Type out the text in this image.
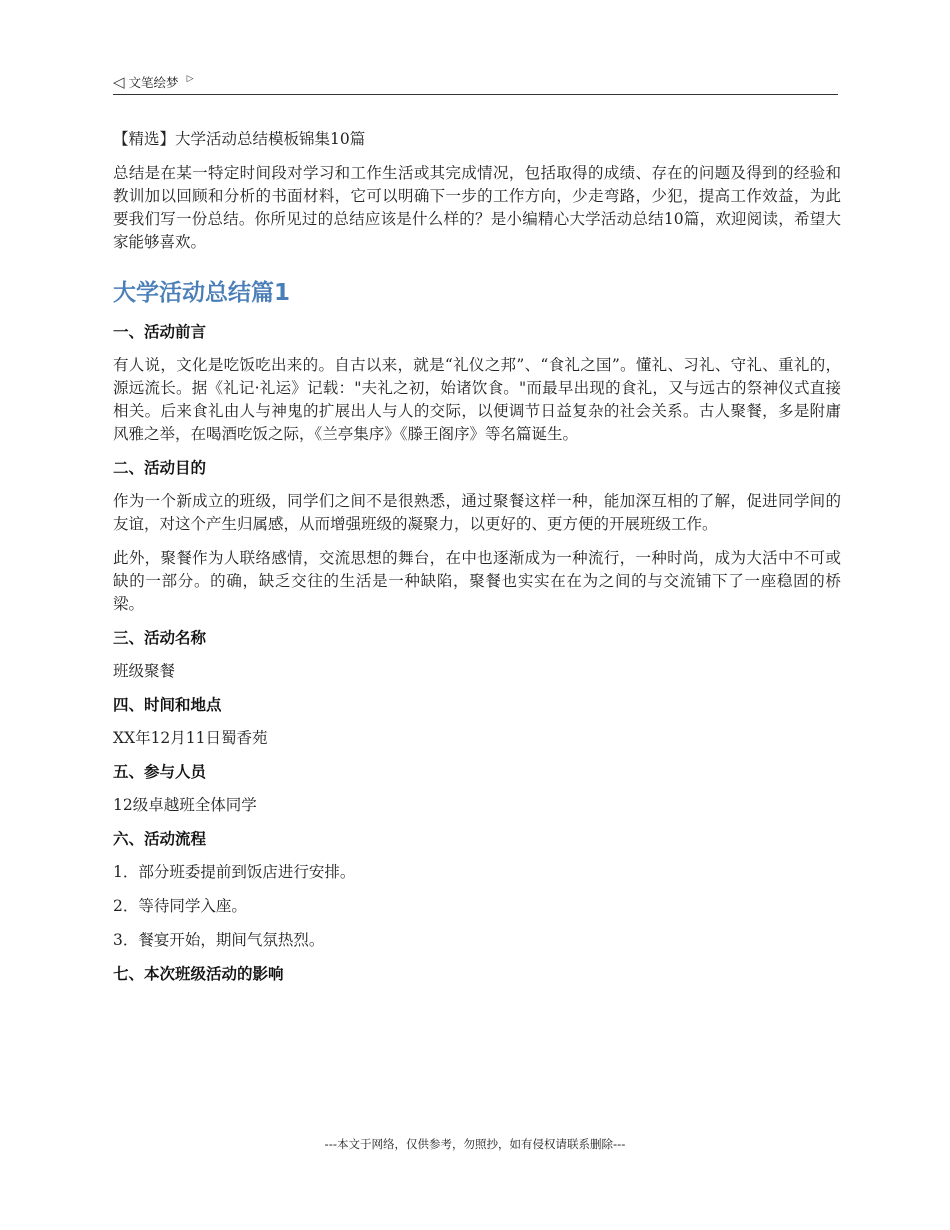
◁ 文笔绘梦 ▷

【精选】大学活动总结模板锦集10篇

总结是在某一特定时间段对学习和工作生活或其完成情况，包括取得的成绩、存在的问题及得到的经验和教训加以回顾和分析的书面材料，它可以明确下一步的工作方向，少走弯路，少犯，提高工作效益，为此要我们写一份总结。你所见过的总结应该是什么样的？是小编精心大学活动总结10篇，欢迎阅读，希望大家能够喜欢。

大学活动总结篇1
一、活动前言

有人说，文化是吃饭吃出来的。自古以来，就是“礼仪之邦”、“食礼之国”。懂礼、习礼、守礼、重礼的，源远流长。据《礼记·礼运》记载："夫礼之初，始诸饮食。"而最早出现的食礼，又与远古的祭神仪式直接相关。后来食礼由人与神鬼的扩展出人与人的交际，以便调节日益复杂的社会关系。古人聚餐，多是附庸风雅之举，在喝酒吃饭之际，《兰亭集序》《滕王阁序》等名篇诞生。

二、活动目的

作为一个新成立的班级，同学们之间不是很熟悉，通过聚餐这样一种，能加深互相的了解，促进同学间的友谊，对这个产生归属感，从而增强班级的凝聚力，以更好的、更方便的开展班级工作。

此外，聚餐作为人联络感情，交流思想的舞台，在中也逐渐成为一种流行，一种时尚，成为大活中不可或缺的一部分。的确，缺乏交往的生活是一种缺陷，聚餐也实实在在为之间的与交流铺下了一座稳固的桥梁。

三、活动名称

班级聚餐

四、时间和地点

XX年12月11日蜀香苑

五、参与人员

12级卓越班全体同学

六、活动流程

1．部分班委提前到饭店进行安排。

2．等待同学入座。

3．餐宴开始，期间气氛热烈。

七、本次班级活动的影响
---本文于网络，仅供参考，勿照抄，如有侵权请联系删除---
